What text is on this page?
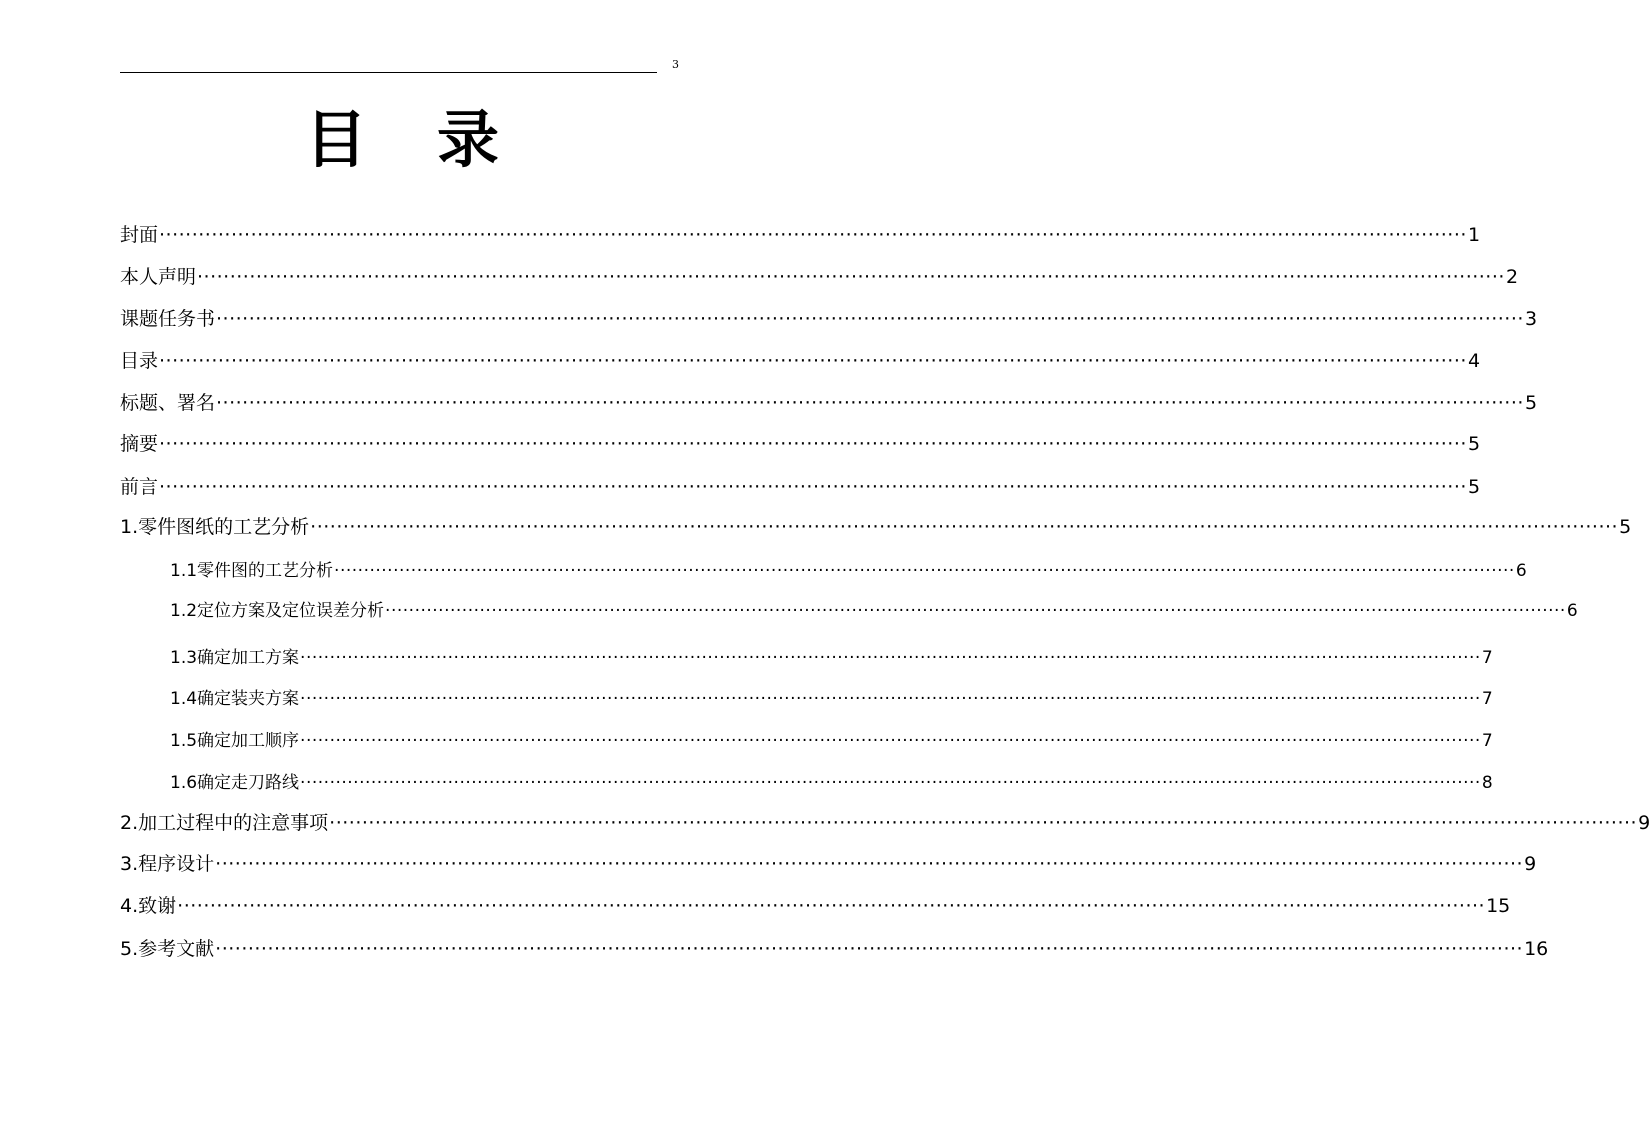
3
目 录
封面 ········································································································································································································ 1
本人声明 ········································································································································································································ 2
课题任务书 ········································································································································································································ 3
目录 ········································································································································································································ 4
标题、署名 ········································································································································································································ 5
摘要 ········································································································································································································ 5
前言 ········································································································································································································ 5
1. 零件图纸的工艺分析 ········································································································································································································ 5
1.1 零件图的工艺分析 ········································································································································································································ 6
1.2 定位方案及定位误差分析 ········································································································································································································ 6
1.3 确定加工方案 ········································································································································································································ 7
1.4 确定装夹方案 ········································································································································································································ 7
1.5 确定加工顺序 ········································································································································································································ 7
1.6 确定走刀路线 ········································································································································································································ 8
2. 加工过程中的注意事项 ········································································································································································································ 9
3. 程序设计 ········································································································································································································ 9
4. 致谢 ········································································································································································································ 15
5. 参考文献 ········································································································································································································ 16
